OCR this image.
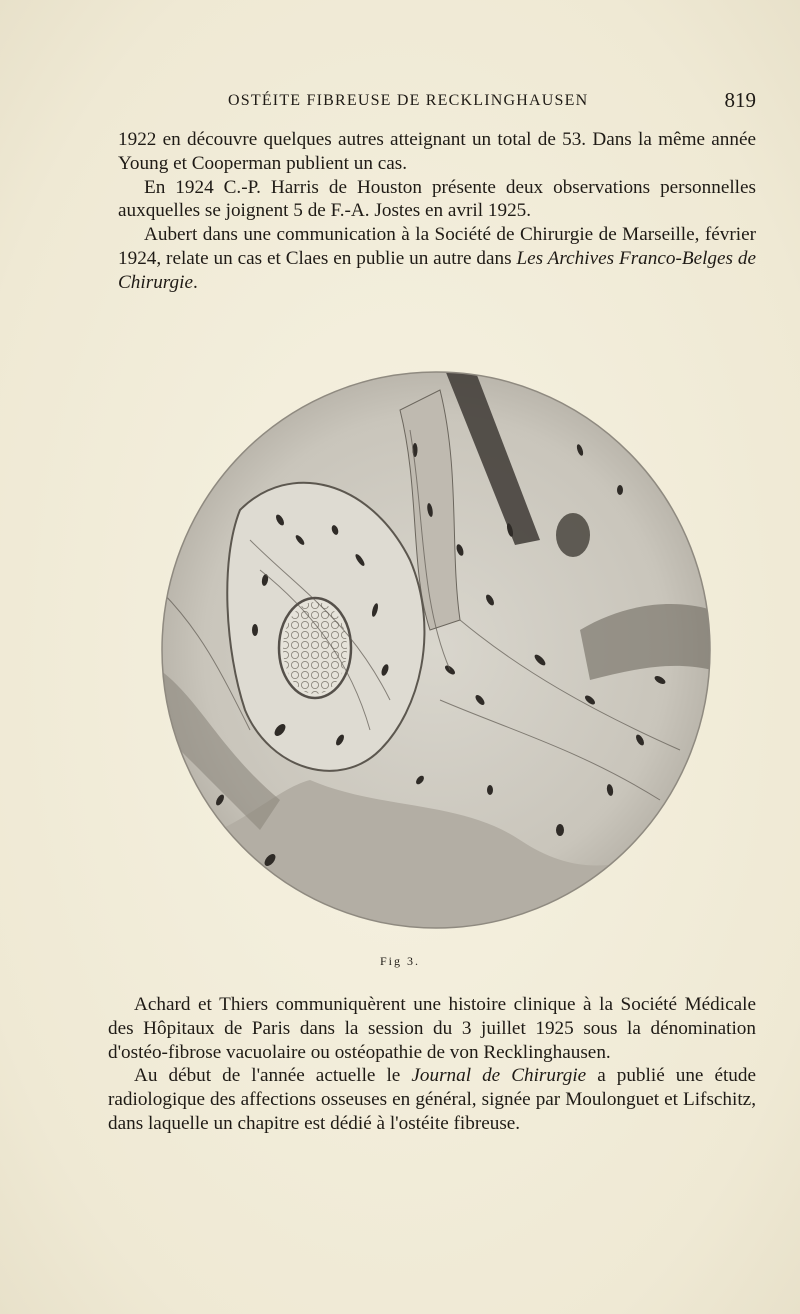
OSTÉITE FIBREUSE DE RECKLINGHAUSEN	819

1922 en découvre quelques autres atteignant un total de 53. Dans la même année Young et Cooperman publient un cas.

En 1924 C.-P. Harris de Houston présente deux observations personnelles auxquelles se joignent 5 de F.-A. Jostes en avril 1925.

Aubert dans une communication à la Société de Chirurgie de Marseille, février 1924, relate un cas et Claes en publie un autre dans Les Archives Franco-Belges de Chirurgie.

Fig 3.

Achard et Thiers communiquèrent une histoire clinique à la Société Médicale des Hôpitaux de Paris dans la session du 3 juillet 1925 sous la dénomination d'ostéo-fibrose vacuolaire ou ostéopathie de von Recklinghausen.

Au début de l'année actuelle le Journal de Chirurgie a publié une étude radiologique des affections osseuses en général, signée par Moulonguet et Lifschitz, dans laquelle un chapitre est dédié à l'ostéite fibreuse.
